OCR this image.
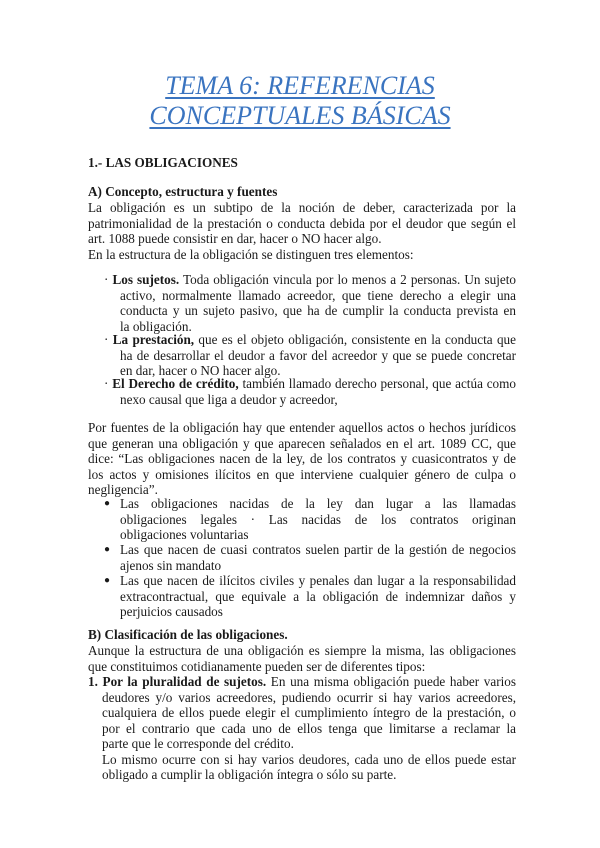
TEMA 6: REFERENCIAS
CONCEPTUALES BÁSICAS
1.- LAS OBLIGACIONES
A) Concepto, estructura y fuentes
La obligación es un subtipo de la noción de deber, caracterizada por la
patrimonialidad de la prestación o conducta debida por el deudor que según el
art. 1088 puede consistir en dar, hacer o NO hacer algo.
En la estructura de la obligación se distinguen tres elementos:
· Los sujetos. Toda obligación vincula por lo menos a 2 personas. Un sujeto
activo, normalmente llamado acreedor, que tiene derecho a elegir una
conducta y un sujeto pasivo, que ha de cumplir la conducta prevista en
la obligación.
· La prestación, que es el objeto obligación, consistente en la conducta que
ha de desarrollar el deudor a favor del acreedor y que se puede concretar
en dar, hacer o NO hacer algo.
· El Derecho de crédito, también llamado derecho personal, que actúa como
nexo causal que liga a deudor y acreedor,
Por fuentes de la obligación hay que entender aquellos actos o hechos jurídicos
que generan una obligación y que aparecen señalados en el art. 1089 CC, que
dice: “Las obligaciones nacen de la ley, de los contratos y cuasicontratos y de
los actos y omisiones ilícitos en que interviene cualquier género de culpa o
negligencia”.
● Las obligaciones nacidas de la ley dan lugar a las llamadas
obligaciones legales · Las nacidas de los contratos originan
obligaciones voluntarias
● Las que nacen de cuasi contratos suelen partir de la gestión de negocios
ajenos sin mandato
● Las que nacen de ilícitos civiles y penales dan lugar a la responsabilidad
extracontractual, que equivale a la obligación de indemnizar daños y
perjuicios causados
B) Clasificación de las obligaciones.
Aunque la estructura de una obligación es siempre la misma, las obligaciones
que constituimos cotidianamente pueden ser de diferentes tipos:
1. Por la pluralidad de sujetos. En una misma obligación puede haber varios
deudores y/o varios acreedores, pudiendo ocurrir si hay varios acreedores,
cualquiera de ellos puede elegir el cumplimiento íntegro de la prestación, o
por el contrario que cada uno de ellos tenga que limitarse a reclamar la
parte que le corresponde del crédito.
Lo mismo ocurre con si hay varios deudores, cada uno de ellos puede estar
obligado a cumplir la obligación íntegra o sólo su parte.
